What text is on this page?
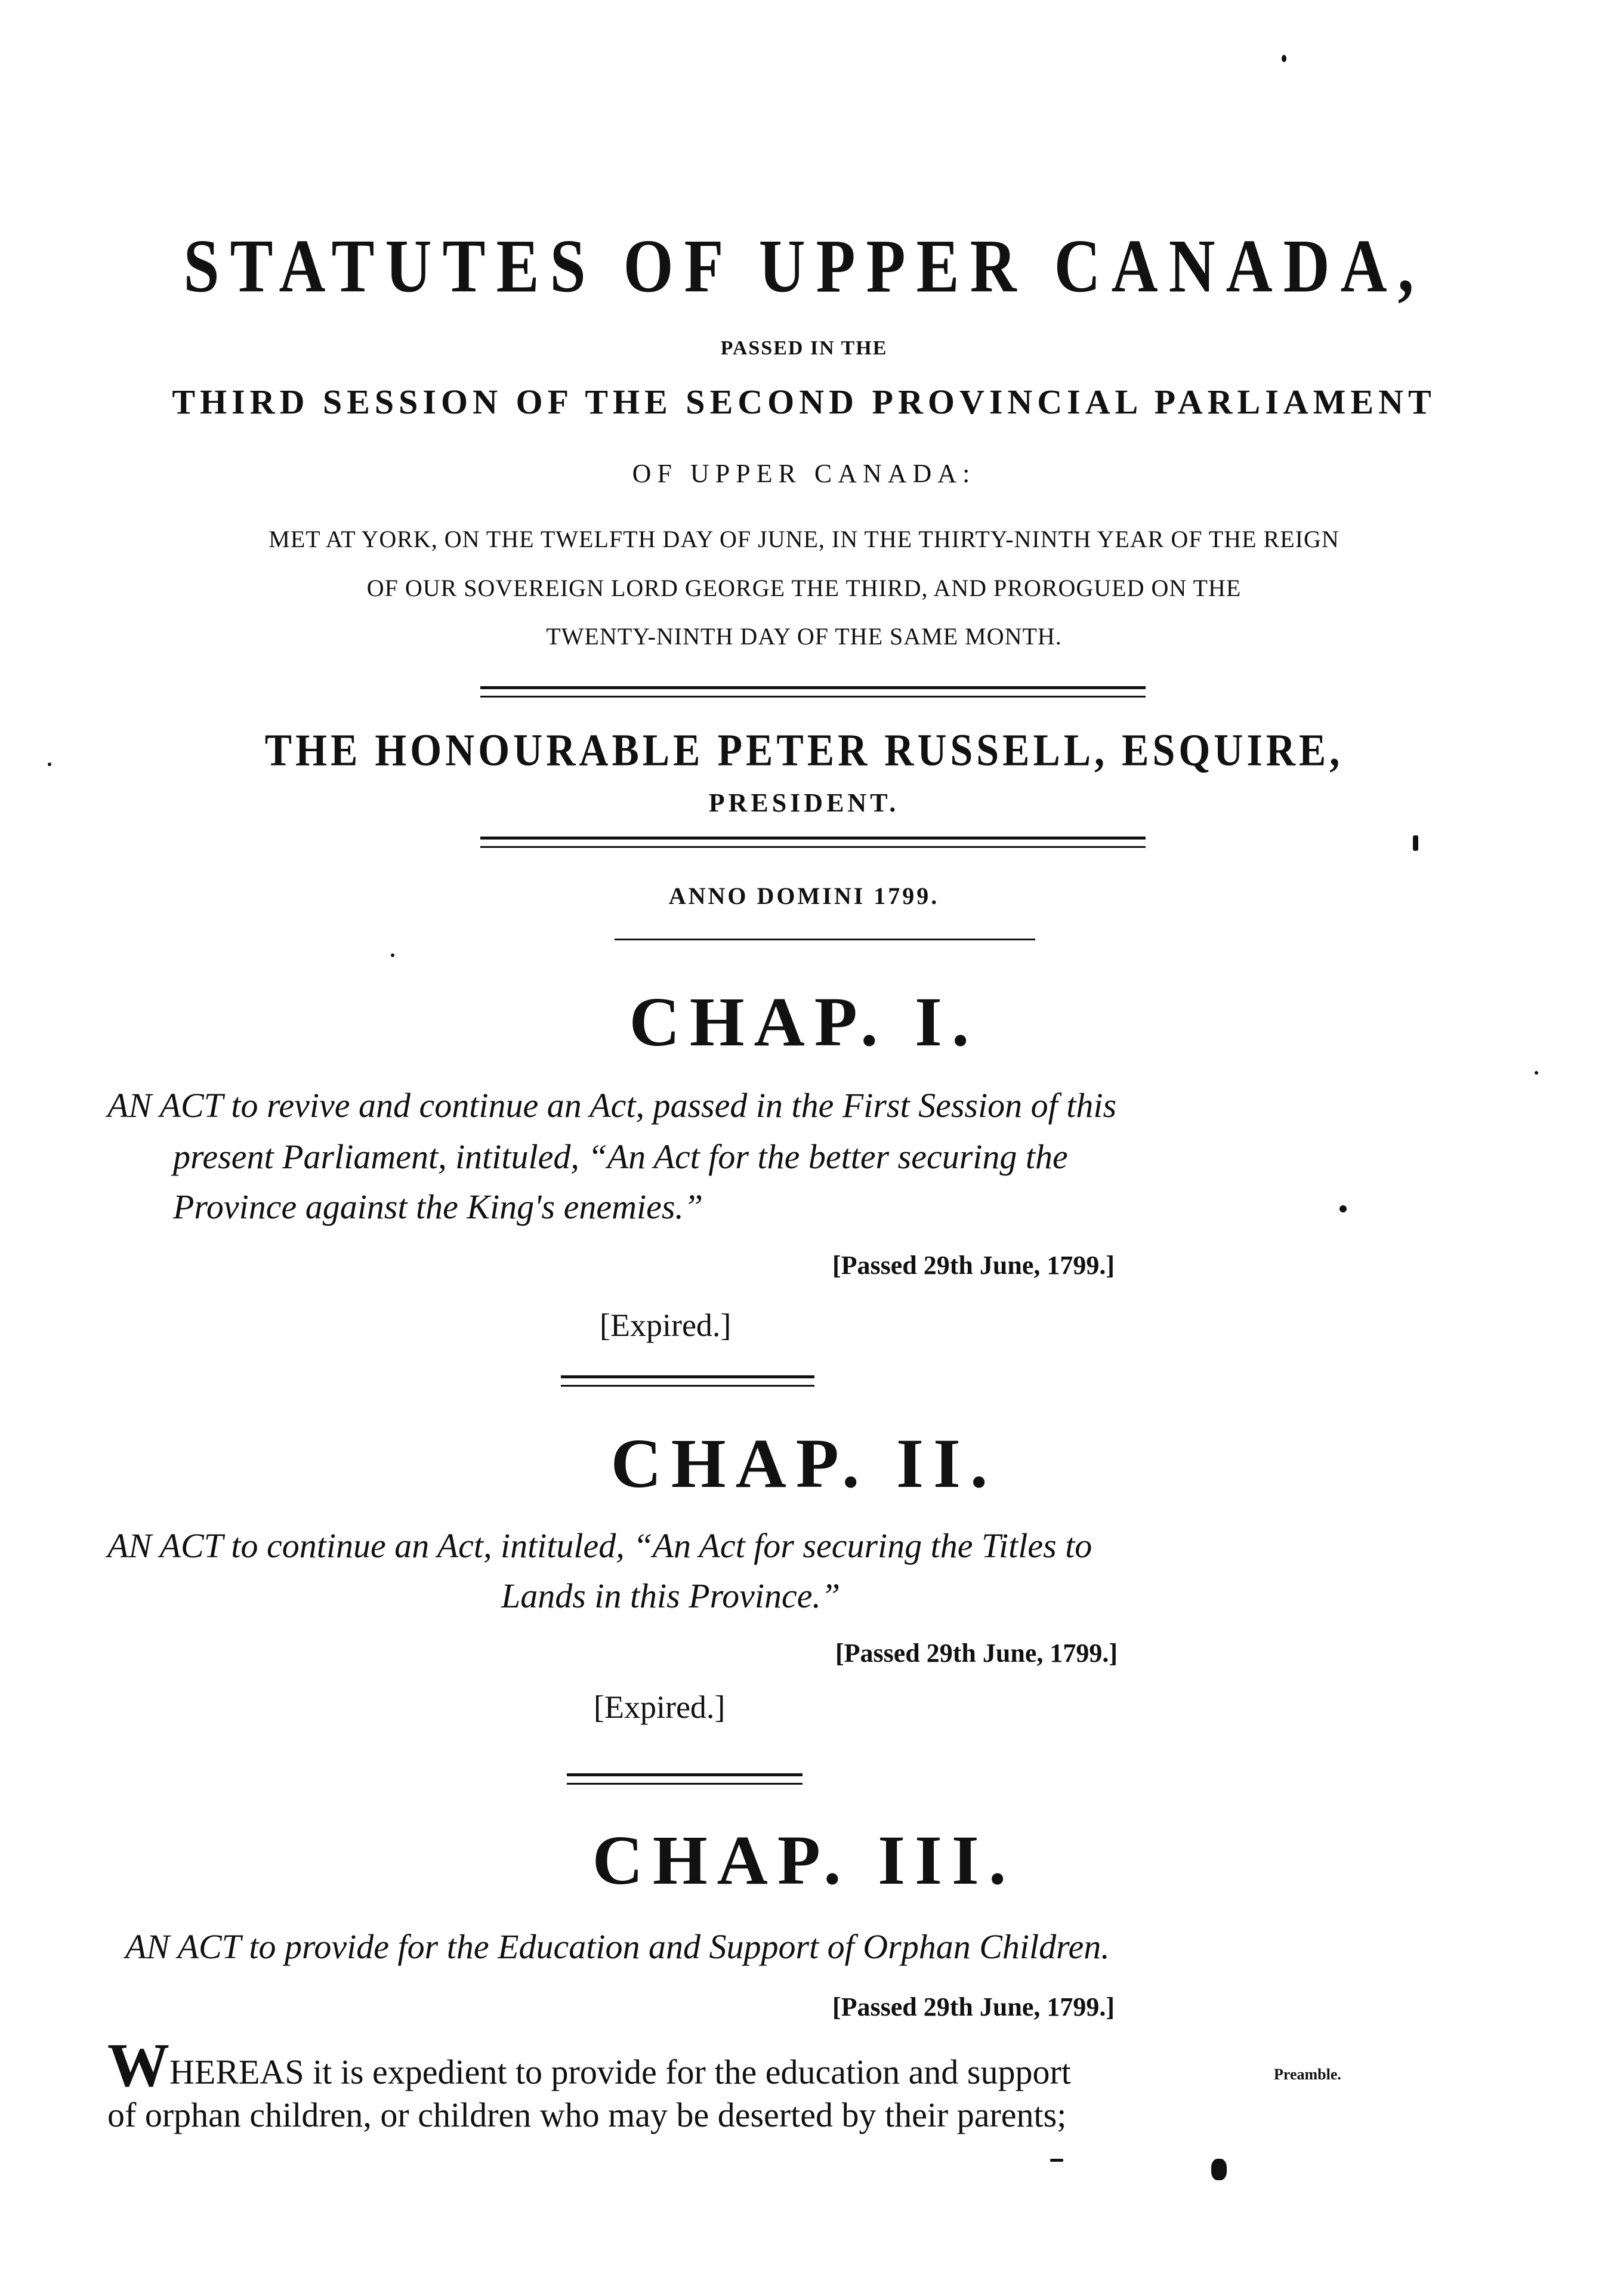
STATUTES OF UPPER CANADA,
PASSED IN THE
THIRD SESSION OF THE SECOND PROVINCIAL PARLIAMENT
OF UPPER CANADA:
MET AT YORK, ON THE TWELFTH DAY OF JUNE, IN THE THIRTY-NINTH YEAR OF THE REIGN
OF OUR SOVEREIGN LORD GEORGE THE THIRD, AND PROROGUED ON THE
TWENTY-NINTH DAY OF THE SAME MONTH.
THE HONOURABLE PETER RUSSELL, ESQUIRE,
PRESIDENT.
ANNO DOMINI 1799.
CHAP. I.
AN ACT to revive and continue an Act, passed in the First Session of this
present Parliament, intituled, “An Act for the better securing the
Province against the King's enemies.”
[Passed 29th June, 1799.]
[Expired.]
CHAP. II.
AN ACT to continue an Act, intituled, “An Act for securing the Titles to
Lands in this Province.”
[Passed 29th June, 1799.]
[Expired.]
CHAP. III.
AN ACT to provide for the Education and Support of Orphan Children.
[Passed 29th June, 1799.]
WHEREAS it is expedient to provide for the education and support
of orphan children, or children who may be deserted by their parents;
Preamble.
